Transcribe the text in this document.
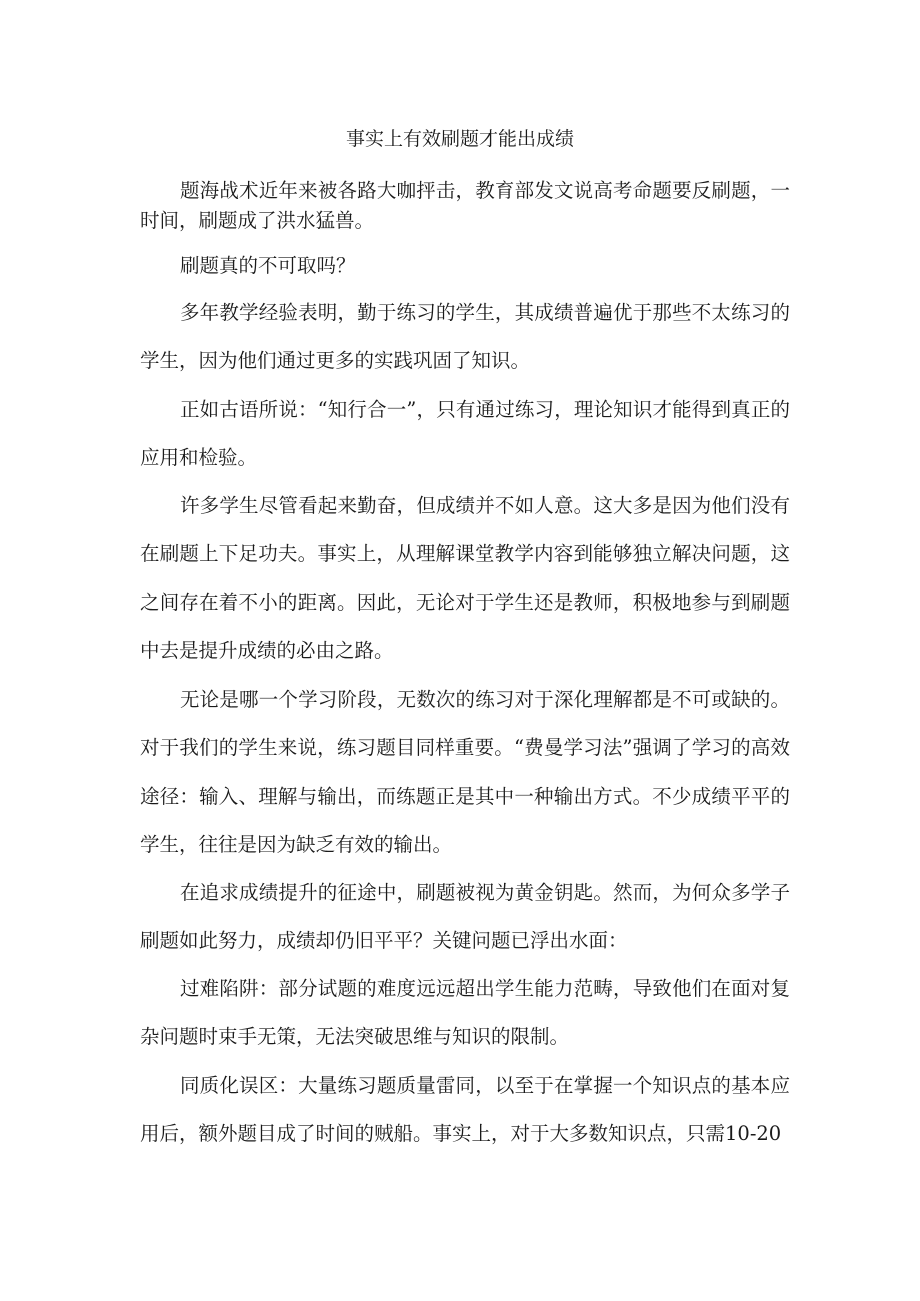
事实上有效刷题才能出成绩

题海战术近年来被各路大咖抨击，教育部发文说高考命题要反刷题，一时间，刷题成了洪水猛兽。

刷题真的不可取吗？

多年教学经验表明，勤于练习的学生，其成绩普遍优于那些不太练习的学生，因为他们通过更多的实践巩固了知识。

正如古语所说：“知行合一”，只有通过练习，理论知识才能得到真正的应用和检验。

许多学生尽管看起来勤奋，但成绩并不如人意。这大多是因为他们没有在刷题上下足功夫。事实上，从理解课堂教学内容到能够独立解决问题，这之间存在着不小的距离。因此，无论对于学生还是教师，积极地参与到刷题中去是提升成绩的必由之路。

无论是哪一个学习阶段，无数次的练习对于深化理解都是不可或缺的。对于我们的学生来说，练习题目同样重要。“费曼学习法”强调了学习的高效途径：输入、理解与输出，而练题正是其中一种输出方式。不少成绩平平的学生，往往是因为缺乏有效的输出。

在追求成绩提升的征途中，刷题被视为黄金钥匙。然而，为何众多学子刷题如此努力，成绩却仍旧平平？关键问题已浮出水面：

过难陷阱：部分试题的难度远远超出学生能力范畴，导致他们在面对复杂问题时束手无策，无法突破思维与知识的限制。

同质化误区：大量练习题质量雷同，以至于在掌握一个知识点的基本应用后，额外题目成了时间的贼船。事实上，对于大多数知识点，只需10-20
